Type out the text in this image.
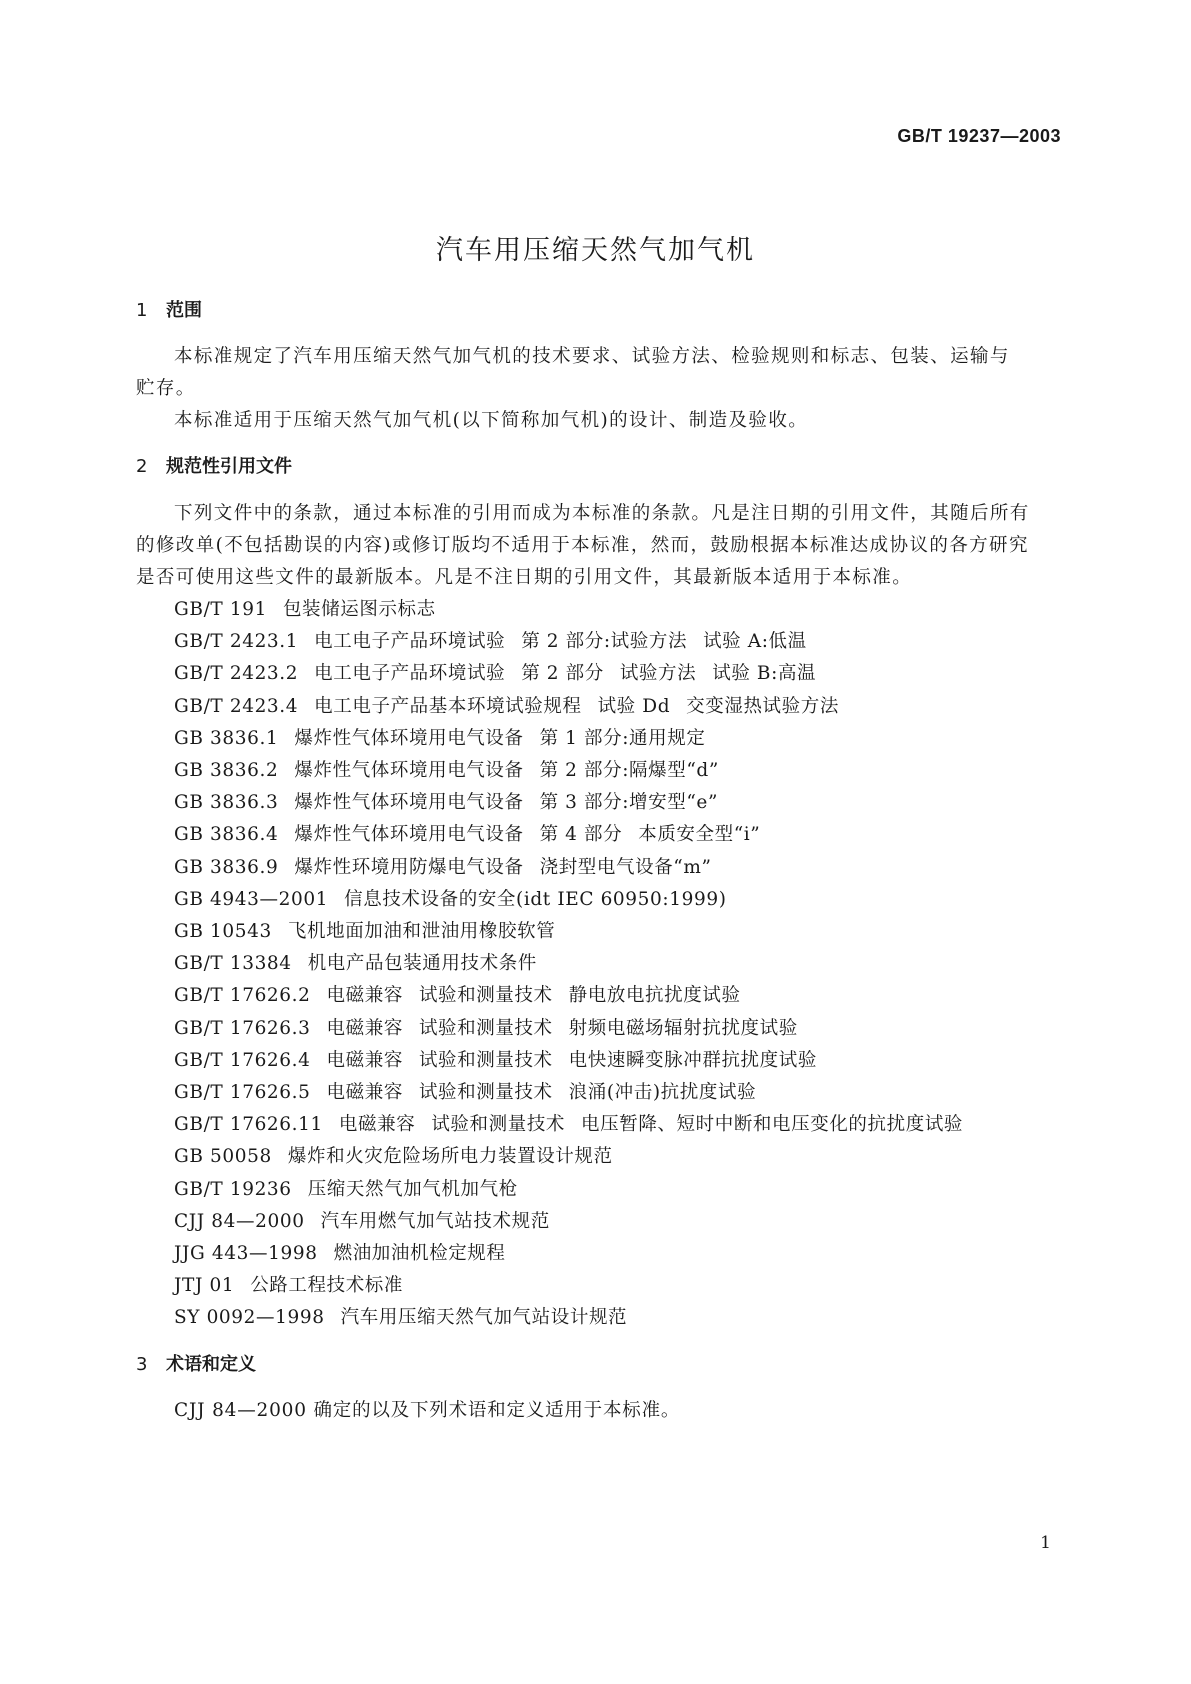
GB/T 19237—2003
汽车用压缩天然气加气机
1 范围
本标准规定了汽车用压缩天然气加气机的技术要求、试验方法、检验规则和标志、包装、运输与
贮存。
本标准适用于压缩天然气加气机(以下简称加气机)的设计、制造及验收。
2 规范性引用文件
下列文件中的条款，通过本标准的引用而成为本标准的条款。凡是注日期的引用文件，其随后所有
的修改单(不包括勘误的内容)或修订版均不适用于本标准，然而，鼓励根据本标准达成协议的各方研究
是否可使用这些文件的最新版本。凡是不注日期的引用文件，其最新版本适用于本标准。
GB/T 191 包装储运图示标志
GB/T 2423.1 电工电子产品环境试验 第 2 部分:试验方法 试验 A:低温
GB/T 2423.2 电工电子产品环境试验 第 2 部分 试验方法 试验 B:高温
GB/T 2423.4 电工电子产品基本环境试验规程 试验 Dd 交变湿热试验方法
GB 3836.1 爆炸性气体环境用电气设备 第 1 部分:通用规定
GB 3836.2 爆炸性气体环境用电气设备 第 2 部分:隔爆型“d”
GB 3836.3 爆炸性气体环境用电气设备 第 3 部分:增安型“e”
GB 3836.4 爆炸性气体环境用电气设备 第 4 部分 本质安全型“i”
GB 3836.9 爆炸性环境用防爆电气设备 浇封型电气设备“m”
GB 4943—2001 信息技术设备的安全(idt IEC 60950:1999)
GB 10543 飞机地面加油和泄油用橡胶软管
GB/T 13384 机电产品包装通用技术条件
GB/T 17626.2 电磁兼容 试验和测量技术 静电放电抗扰度试验
GB/T 17626.3 电磁兼容 试验和测量技术 射频电磁场辐射抗扰度试验
GB/T 17626.4 电磁兼容 试验和测量技术 电快速瞬变脉冲群抗扰度试验
GB/T 17626.5 电磁兼容 试验和测量技术 浪涌(冲击)抗扰度试验
GB/T 17626.11 电磁兼容 试验和测量技术 电压暂降、短时中断和电压变化的抗扰度试验
GB 50058 爆炸和火灾危险场所电力装置设计规范
GB/T 19236 压缩天然气加气机加气枪
CJJ 84—2000 汽车用燃气加气站技术规范
JJG 443—1998 燃油加油机检定规程
JTJ 01 公路工程技术标准
SY 0092—1998 汽车用压缩天然气加气站设计规范
3 术语和定义
CJJ 84—2000 确定的以及下列术语和定义适用于本标准。
1
